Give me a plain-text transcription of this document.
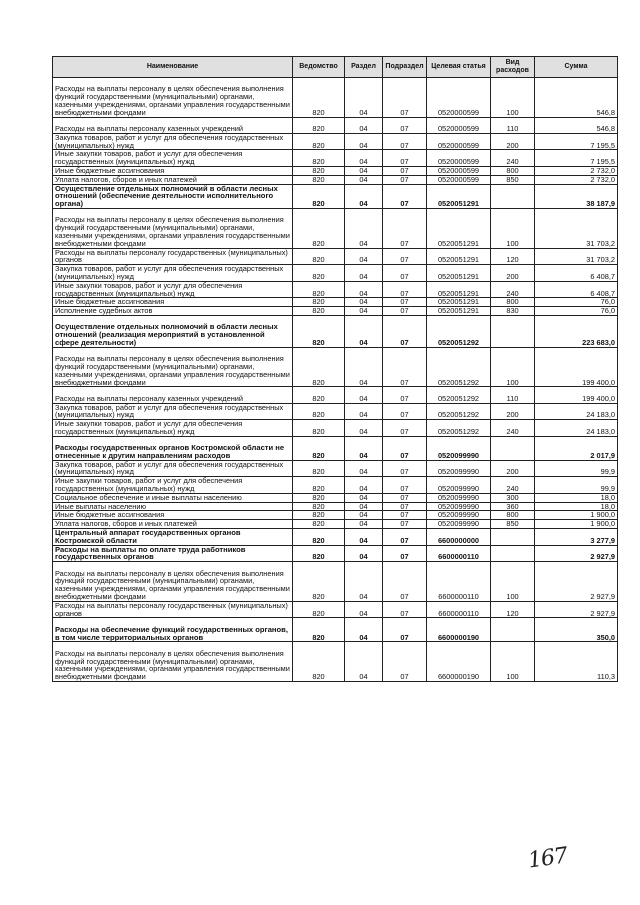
Наименование	Ведомство	Раздел	Подраздел	Целевая статья	Вид расходов	Сумма
Расходы на выплаты персоналу в целях обеспечения выполнения функций государственными (муниципальными) органами, казенными учреждениями, органами управления государственными внебюджетными фондами	820	04	07	0520000599	100	546,8
Расходы на выплаты персоналу казенных учреждений	820	04	07	0520000599	110	546,8
Закупка товаров, работ и услуг для обеспечения государственных (муниципальных) нужд	820	04	07	0520000599	200	7 195,5
Иные закупки товаров, работ и услуг для обеспечения государственных (муниципальных) нужд	820	04	07	0520000599	240	7 195,5
Иные бюджетные ассигнования	820	04	07	0520000599	800	2 732,0
Уплата налогов, сборов и иных платежей	820	04	07	0520000599	850	2 732,0
Осуществление отдельных полномочий в области лесных отношений (обеспечение деятельности исполнительного органа)	820	04	07	0520051291		38 187,9
Расходы на выплаты персоналу в целях обеспечения выполнения функций государственными (муниципальными) органами, казенными учреждениями, органами управления государственными внебюджетными фондами	820	04	07	0520051291	100	31 703,2
Расходы на выплаты персоналу государственных (муниципальных) органов	820	04	07	0520051291	120	31 703,2
Закупка товаров, работ и услуг для обеспечения государственных (муниципальных) нужд	820	04	07	0520051291	200	6 408,7
Иные закупки товаров, работ и услуг для обеспечения государственных (муниципальных) нужд	820	04	07	0520051291	240	6 408,7
Иные бюджетные ассигнования	820	04	07	0520051291	800	76,0
Исполнение судебных актов	820	04	07	0520051291	830	76,0
Осуществление отдельных полномочий в области лесных отношений (реализация мероприятий в установленной сфере деятельности)	820	04	07	0520051292		223 683,0
Расходы на выплаты персоналу в целях обеспечения выполнения функций государственными (муниципальными) органами, казенными учреждениями, органами управления государственными внебюджетными фондами	820	04	07	0520051292	100	199 400,0
Расходы на выплаты персоналу казенных учреждений	820	04	07	0520051292	110	199 400,0
Закупка товаров, работ и услуг для обеспечения государственных (муниципальных) нужд	820	04	07	0520051292	200	24 183,0
Иные закупки товаров, работ и услуг для обеспечения государственных (муниципальных) нужд	820	04	07	0520051292	240	24 183,0
Расходы государственных органов Костромской области не отнесенные к другим направлениям расходов	820	04	07	0520099990		2 017,9
Закупка товаров, работ и услуг для обеспечения государственных (муниципальных) нужд	820	04	07	0520099990	200	99,9
Иные закупки товаров, работ и услуг для обеспечения государственных (муниципальных) нужд	820	04	07	0520099990	240	99,9
Социальное обеспечение и иные выплаты населению	820	04	07	0520099990	300	18,0
Иные выплаты населению	820	04	07	0520099990	360	18,0
Иные бюджетные ассигнования	820	04	07	0520099990	800	1 900,0
Уплата налогов, сборов и иных платежей	820	04	07	0520099990	850	1 900,0
Центральный аппарат государственных органов Костромской области	820	04	07	6600000000		3 277,9
Расходы на выплаты по оплате труда работников государственных органов	820	04	07	6600000110		2 927,9
Расходы на выплаты персоналу в целях обеспечения выполнения функций государственными (муниципальными) органами, казенными учреждениями, органами управления государственными внебюджетными фондами	820	04	07	6600000110	100	2 927,9
Расходы на выплаты персоналу государственных (муниципальных) органов	820	04	07	6600000110	120	2 927,9
Расходы на обеспечение функций государственных органов, в том числе территориальных органов	820	04	07	6600000190		350,0
Расходы на выплаты персоналу в целях обеспечения выполнения функций государственными (муниципальными) органами, казенными учреждениями, органами управления государственными внебюджетными фондами	820	04	07	6600000190	100	110,3
167
